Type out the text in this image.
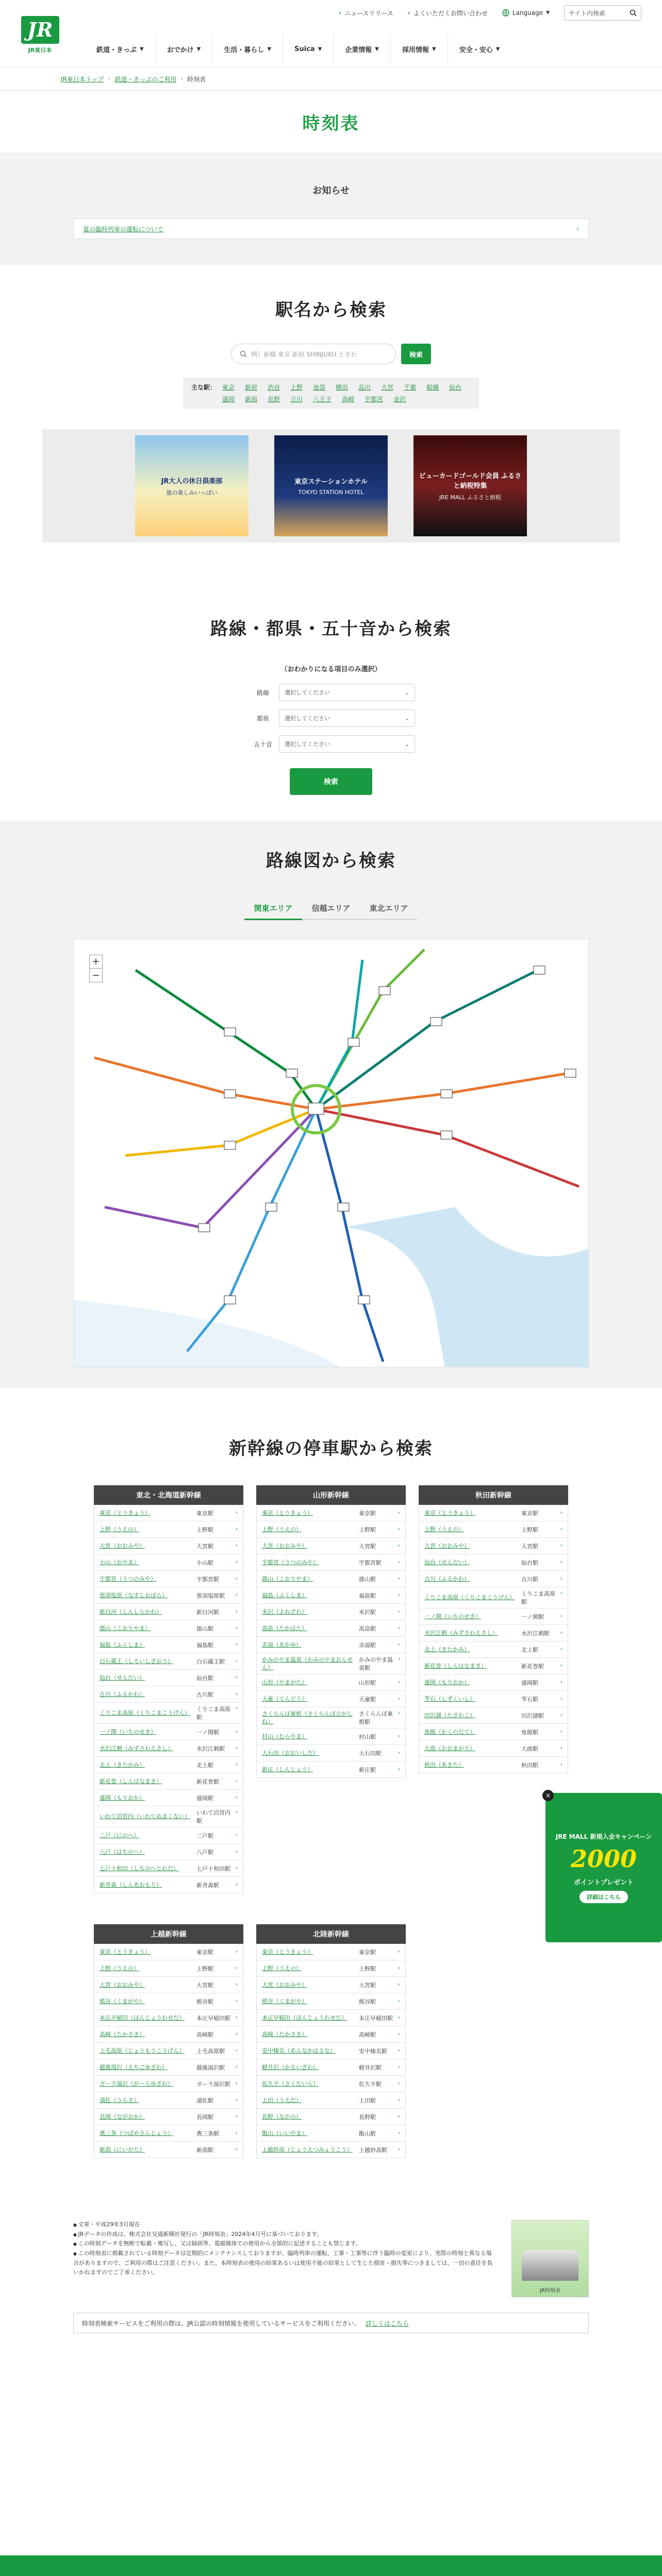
› ニュースリリース › よくいただくお問い合わせ	Language ▼	サイト内検索
JR
JR東日本	鉄道・きっぷ ▼	おでかけ ▼	生活・暮らし ▼	Suica ▼	企業情報 ▼	採用情報 ▼	安全・安心 ▼
JR東日本トップ › 鉄道・きっぷのご利用 › 時刻表
時刻表
お知らせ
夏の臨時列車の運転について	›
駅名から検索
例）新橋 東京 新宿 SHINJUKU ときわ	検索
主な駅： 東京 新宿 渋谷 上野 池袋 横浜 品川 大宮 千葉 船橋 仙台
盛岡 新潟 長野 立川 八王子 高崎 宇都宮 金沢
JR大人の休日俱楽部
旅の楽しみいっぱい
東京ステーションホテル
TOKYO STATION HOTEL
ビューカードゴールド会員 ふるさと納税特集
JRE MALL ふるさと納税
路線・都県・五十音から検索
（おわかりになる項目のみ選択）
路線	選択してください	⌄
都県	選択してください	⌄
五十音	選択してください	⌄
検索
路線図から検索
関東エリア	信越エリア	東北エリア
+
−
新幹線の停車駅から検索
東北・北海道新幹線
東京（とうきょう）	東京駅	›
上野（うえの）	上野駅	›
大宮（おおみや）	大宮駅	›
小山（おやま）	小山駅	›
宇都宮（うつのみや）	宇都宮駅	›
那須塩原（なすしおばら）	那須塩原駅 ›
新白河（しんしらかわ）	新白河駅	›
郡山（こおりやま）	郡山駅	›
福島（ふくしま）	福島駅	›
白石蔵王（しろいしざおう）	白石蔵王駅 ›
仙台（せんだい）	仙台駅	›
古川（ふるかわ）	古川駅	›
くりこま高原（くりこまこうげん）
くりこま高原駅
›
一ノ関（いちのせき）	一ノ関駅	›
水沢江刺（みずさわえさし）	水沢江刺駅 ›
北上（きたかみ）	北上駅	›
新花巻（しんはなまき）	新花巻駅	›
盛岡（もりおか）	盛岡駅	›
いわて沼宮内（いわてぬまくない）
いわて沼宮内駅
›
二戸（にのへ）	二戸駅	›
八戸（はちのへ）	八戸駅	›
七戸十和田（しちのへとわだ）	七戸十和田駅 ›
新青森（しんあおもり）	新青森駅	›
山形新幹線
東京（とうきょう）	東京駅	›
上野（うえの）	上野駅	›
大宮（おおみや）	大宮駅	›
宇都宮（うつのみや）	宇都宮駅	›
郡山（こおりやま）	郡山駅	›
福島（ふくしま）	福島駅	›
米沢（よねざわ）	米沢駅	›
高畠（たかはた）	高畠駅	›
赤湯（あかゆ）	赤湯駅	›
かみのやま温泉（かみのやまおんせん）
かみのやま温泉駅
›
山形（やまがた）	山形駅	›
天童（てんどう）	天童駅	›
さくらんぼ東根（さくらんぼひがしね）
さくらんぼ東根駅
›
村山（むらやま）	村山駅	›
大石田（おおいしだ）	大石田駅	›
新庄（しんじょう）	新庄駅	›
秋田新幹線
東京（とうきょう）	東京駅	›
上野（うえの）	上野駅	›
大宮（おおみや）	大宮駅	›
仙台（せんだい）	仙台駅	›
古川（ふるかわ）	古川駅	›
くりこま高原（くりこまこうげん）
くりこま高原駅
›
一ノ関（いちのせき）	一ノ関駅	›
水沢江刺（みずさわえさし）	水沢江刺駅 ›
北上（きたかみ）	北上駅	›
新花巻（しんはなまき）	新花巻駅	›
盛岡（もりおか）	盛岡駅	›
雫石（しずくいし）	雫石駅	›
田沢湖（たざわこ）	田沢湖駅	›
角館（かくのだて）	角館駅	›
大曲（おおまがり）	大曲駅	›
秋田（あきた）	秋田駅	›
上越新幹線
東京（とうきょう）	東京駅	›
上野（うえの）	上野駅	›
大宮（おおみや）	大宮駅	›
熊谷（くまがや）	熊谷駅	›
本庄早稲田（ほんじょうわせだ）	本庄早稲田駅 ›
高崎（たかさき）	高崎駅	›
上毛高原（じょうもうこうげん）	上毛高原駅 ›
越後湯沢（えちごゆざわ）	越後湯沢駅 ›
ガーラ湯沢（が〜らゆざわ）	ガーラ湯沢駅 ›
浦佐（うらさ）	浦佐駅	›
長岡（ながおか）	長岡駅	›
燕三条（つばめさんじょう）	燕三条駅	›
新潟（にいがた）	新潟駅	›
北陸新幹線
東京（とうきょう）	東京駅	›
上野（うえの）	上野駅	›
大宮（おおみや）	大宮駅	›
熊谷（くまがや）	熊谷駅	›
本庄早稲田（ほんじょうわせだ）	本庄早稲田駅 ›
高崎（たかさき）	高崎駅	›
安中榛名（あんなかはるな）	安中榛名駅 ›
軽井沢（かるいざわ）	軽井沢駅	›
佐久平（さくだいら）	佐久平駅	›
上田（うえだ）	上田駅	›
長野（ながの）	長野駅	›
飯山（いいやま）	飯山駅	›
上越妙高（じょうえつみょうこう）	上越妙高駅 ›
×
JRE MALL 新規入会キャンペーン
2000
ポイントプレゼント
詳細はこちら
● 文章・平成29年3月現在
● JRデータの作成は、株式会社交通新聞社発行の「JR時刻表」2024年4月号に基づいております。
● この時刻データを無断で転載・複写し、又は録画等、電磁媒体での使用から全部的に記述することも禁じます。
● この時刻表に掲載されている時刻データは定期的にメンテナンスしておりますが、臨時列車の運転、工事・工事等に伴う臨時の変更により、実際の時刻と異なる場合がありますので、ご利用の際はご注意ください。また、本時刻表の使用の結果あるいは使用不能の結果として生じた損害・損失等につきましては、一切の責任を負いかねますのでご了承ください。
JR時刻表
時刻表検索サービスをご利用の際は、JR公認の時刻情報を使用しているサービスをご利用ください。 詳しくはこちら
